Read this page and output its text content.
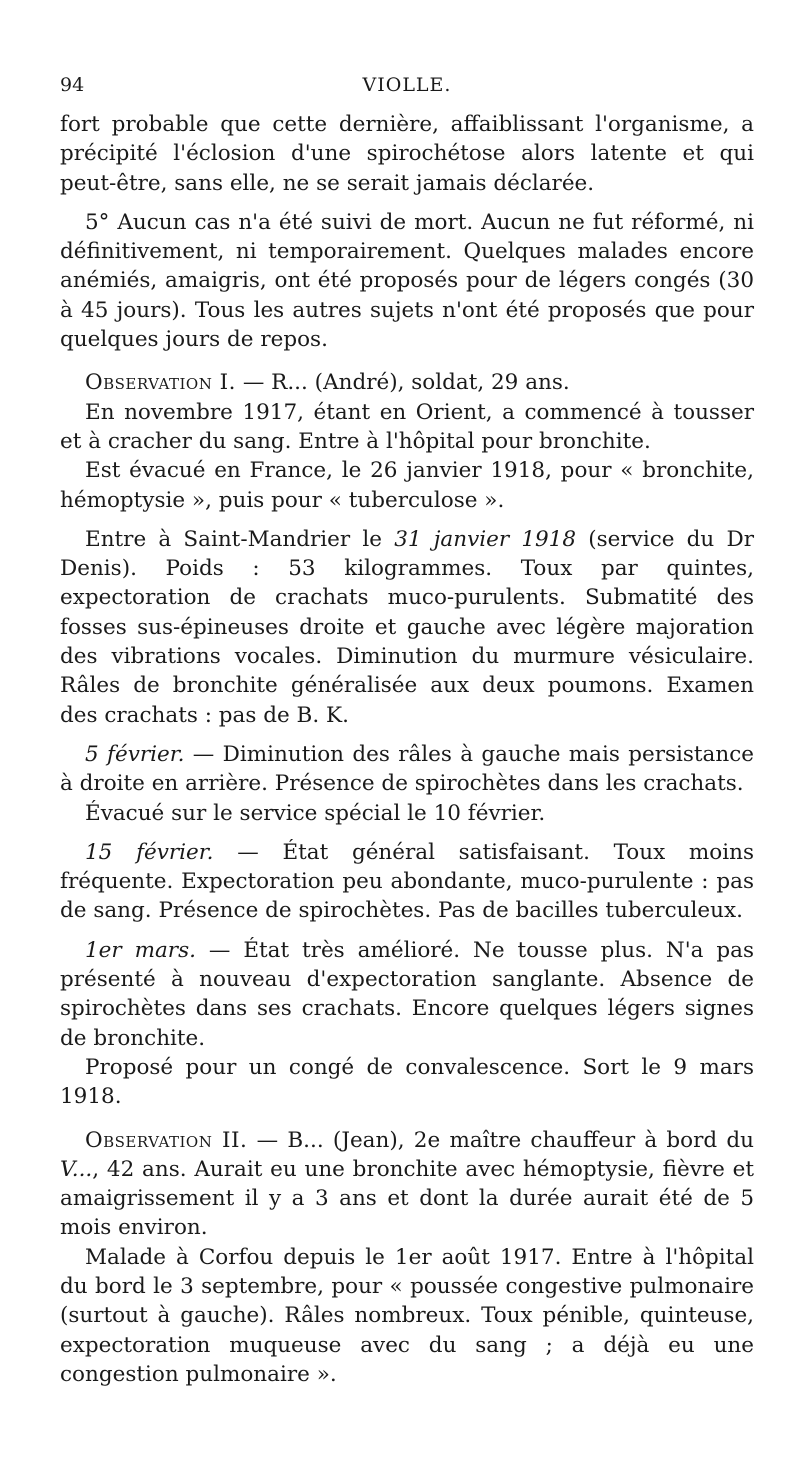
94	VIOLLE.

fort probable que cette dernière, affaiblissant l'organisme, a précipité l'éclosion d'une spirochétose alors latente et qui peut-être, sans elle, ne se serait jamais déclarée.

5° Aucun cas n'a été suivi de mort. Aucun ne fut réformé, ni définitivement, ni temporairement. Quelques malades encore anémiés, amaigris, ont été proposés pour de légers congés (30 à 45 jours). Tous les autres sujets n'ont été proposés que pour quelques jours de repos.

Observation I. — R... (André), soldat, 29 ans.

En novembre 1917, étant en Orient, a commencé à tousser et à cracher du sang. Entre à l'hôpital pour bronchite.

Est évacué en France, le 26 janvier 1918, pour « bronchite, hémoptysie », puis pour « tuberculose ».

Entre à Saint-Mandrier le 31 janvier 1918 (service du Dr Denis). Poids : 53 kilogrammes. Toux par quintes, expectoration de crachats muco-purulents. Submatité des fosses sus-épineuses droite et gauche avec légère majoration des vibrations vocales. Diminution du murmure vésiculaire. Râles de bronchite généralisée aux deux poumons. Examen des crachats : pas de B. K.

5 février. — Diminution des râles à gauche mais persistance à droite en arrière. Présence de spirochètes dans les crachats.

Évacué sur le service spécial le 10 février.

15 février. — État général satisfaisant. Toux moins fréquente. Expectoration peu abondante, muco-purulente : pas de sang. Présence de spirochètes. Pas de bacilles tuberculeux.

1er mars. — État très amélioré. Ne tousse plus. N'a pas présenté à nouveau d'expectoration sanglante. Absence de spirochètes dans ses crachats. Encore quelques légers signes de bronchite.

Proposé pour un congé de convalescence. Sort le 9 mars 1918.

Observation II. — B... (Jean), 2e maître chauffeur à bord du V..., 42 ans. Aurait eu une bronchite avec hémoptysie, fièvre et amaigrissement il y a 3 ans et dont la durée aurait été de 5 mois environ.

Malade à Corfou depuis le 1er août 1917. Entre à l'hôpital du bord le 3 septembre, pour « poussée congestive pulmonaire (surtout à gauche). Râles nombreux. Toux pénible, quinteuse, expectoration muqueuse avec du sang ; a déjà eu une congestion pulmonaire ».
